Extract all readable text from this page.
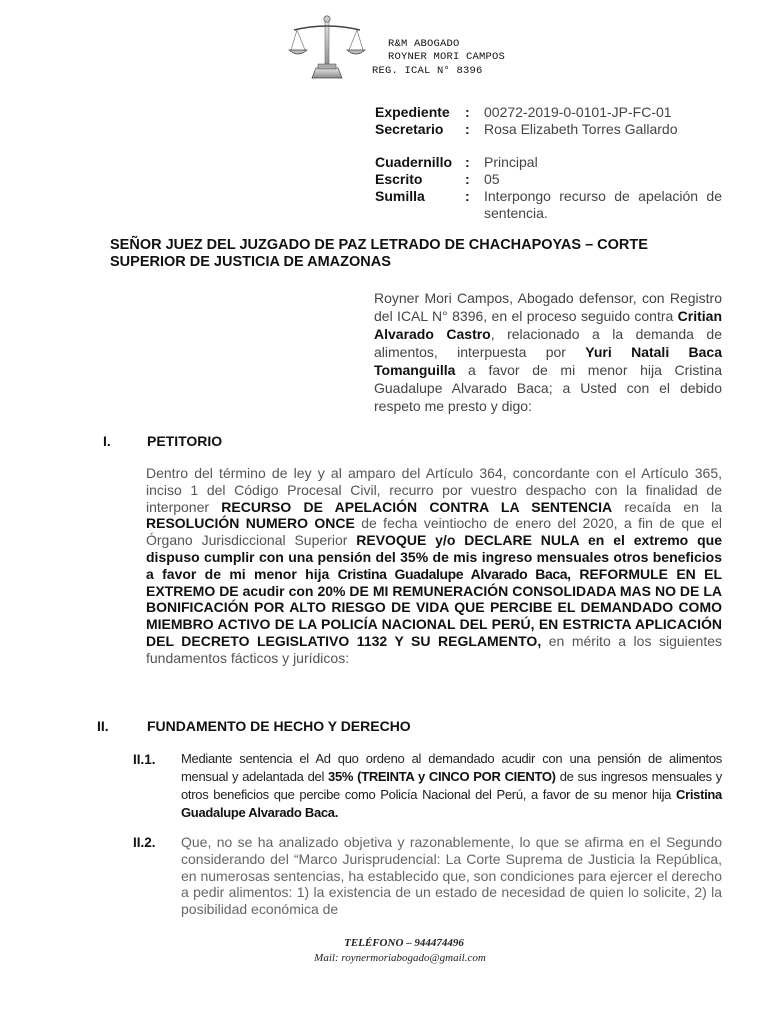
R&M ABOGADO
ROYNER MORI CAMPOS
REG. ICAL N° 8396
Expediente : 00272-2019-0-0101-JP-FC-01
Secretario : Rosa Elizabeth Torres Gallardo
Cuadernillo : Principal
Escrito	: 05
Sumilla	: Interpongo recurso de apelación de sentencia.
SEÑOR JUEZ DEL JUZGADO DE PAZ LETRADO DE CHACHAPOYAS – CORTE SUPERIOR DE JUSTICIA DE AMAZONAS
Royner Mori Campos, Abogado defensor, con Registro del ICAL N° 8396, en el proceso seguido contra Critian Alvarado Castro, relacionado a la demanda de alimentos, interpuesta por Yuri Natali Baca Tomanguilla a favor de mi menor hija Cristina Guadalupe Alvarado Baca; a Usted con el debido respeto me presto y digo:
I.	PETITORIO
Dentro del término de ley y al amparo del Artículo 364, concordante con el Artículo 365, inciso 1 del Código Procesal Civil, recurro por vuestro despacho con la finalidad de interponer RECURSO DE APELACIÓN CONTRA LA SENTENCIA recaída en la RESOLUCIÓN NUMERO ONCE de fecha veintiocho de enero del 2020, a fin de que el Órgano Jurisdiccional Superior REVOQUE y/o DECLARE NULA en el extremo que dispuso cumplir con una pensión del 35% de mis ingreso mensuales otros beneficios a favor de mi menor hija Cristina Guadalupe Alvarado Baca, REFORMULE EN EL EXTREMO DE acudir con 20% DE MI REMUNERACIÓN CONSOLIDADA MAS NO DE LA BONIFICACIÓN POR ALTO RIESGO DE VIDA QUE PERCIBE EL DEMANDADO COMO MIEMBRO ACTIVO DE LA POLICÍA NACIONAL DEL PERÚ, EN ESTRICTA APLICACIÓN DEL DECRETO LEGISLATIVO 1132 Y SU REGLAMENTO, en mérito a los siguientes fundamentos fácticos y jurídicos:
II.	FUNDAMENTO DE HECHO Y DERECHO
II.1. Mediante sentencia el Ad quo ordeno al demandado acudir con una pensión de alimentos mensual y adelantada del 35% (TREINTA y CINCO POR CIENTO) de sus ingresos mensuales y otros beneficios que percibe como Policía Nacional del Perú, a favor de su menor hija Cristina Guadalupe Alvarado Baca.
II.2. Que, no se ha analizado objetiva y razonablemente, lo que se afirma en el Segundo considerando del “Marco Jurisprudencial: La Corte Suprema de Justicia la República, en numerosas sentencias, ha establecido que, son condiciones para ejercer el derecho a pedir alimentos: 1) la existencia de un estado de necesidad de quien lo solicite, 2) la posibilidad económica de
TELÉFONO – 944474496
Mail: roynermoriabogado@gmail.com
